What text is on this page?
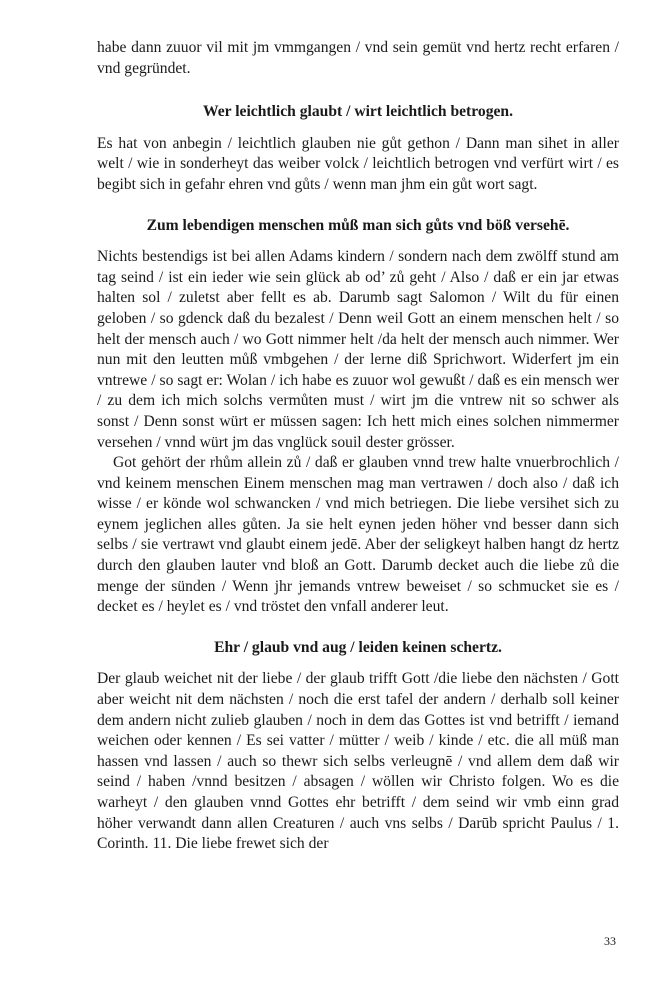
habe dann zuuor vil mit jm vmmgangen / vnd sein gemüt vnd hertz recht erfaren / vnd gegründet.

Wer leichtlich glaubt / wirt leichtlich betrogen.

Es hat von anbegin / leichtlich glauben nie gůt gethon / Dann man sihet in aller welt / wie in sonderheyt das weiber volck / leichtlich betrogen vnd verfürt wirt / es begibt sich in gefahr ehren vnd gůts / wenn man jhm ein gůt wort sagt.

Zum lebendigen menschen můß man sich gůts vnd böß versehē.

Nichts bestendigs ist bei allen Adams kindern / sondern nach dem zwölff stund am tag seind / ist ein ieder wie sein glück ab od’ zů geht / Also / daß er ein jar etwas halten sol / zuletst aber fellt es ab. Darumb sagt Salomon / Wilt du für einen geloben / so gdenck daß du bezalest / Denn weil Gott an einem menschen helt / so helt der mensch auch / wo Gott nimmer helt /da helt der mensch auch nimmer. Wer nun mit den leutten můß vmbgehen / der lerne diß Sprichwort. Widerfert jm ein vntrewe / so sagt er: Wolan / ich habe es zuuor wol gewußt / daß es ein mensch wer / zu dem ich mich solchs vermůten must / wirt jm die vntrew nit so schwer als sonst / Denn sonst würt er müssen sagen: Ich hett mich eines solchen nimmermer versehen / vnnd würt jm das vnglück souil dester grösser.

Got gehört der rhům allein zů / daß er glauben vnnd trew halte vnuerbrochlich / vnd keinem menschen Einem menschen mag man vertrawen / doch also / daß ich wisse / er könde wol schwancken / vnd mich betriegen. Die liebe versihet sich zu eynem jeglichen alles gůten. Ja sie helt eynen jeden höher vnd besser dann sich selbs / sie vertrawt vnd glaubt einem jedē. Aber der seligkeyt halben hangt dz hertz durch den glauben lauter vnd bloß an Gott. Darumb decket auch die liebe zů die menge der sünden / Wenn jhr jemands vntrew beweiset / so schmucket sie es / decket es / heylet es / vnd tröstet den vnfall anderer leut.

Ehr / glaub vnd aug / leiden keinen schertz.

Der glaub weichet nit der liebe / der glaub trifft Gott /die liebe den nächsten / Gott aber weicht nit dem nächsten / noch die erst tafel der andern / derhalb soll keiner dem andern nicht zulieb glauben / noch in dem das Gottes ist vnd betrifft / iemand weichen oder kennen / Es sei vatter / mütter / weib / kinde / etc. die all müß man hassen vnd lassen / auch so thewr sich selbs verleugnē / vnd allem dem daß wir seind / haben /vnnd besitzen / absagen / wöllen wir Christo folgen. Wo es die warheyt / den glauben vnnd Gottes ehr betrifft / dem seind wir vmb einn grad höher verwandt dann allen Creaturen / auch vns selbs / Darūb spricht Paulus / 1. Corinth. 11. Die liebe frewet sich der

33
